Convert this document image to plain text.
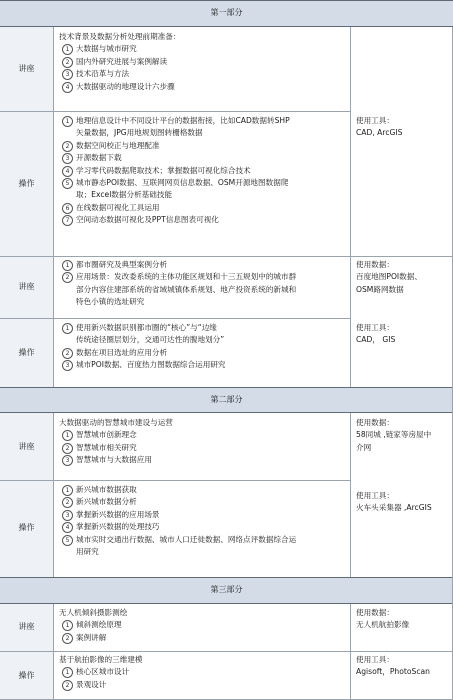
第一部分
第二部分
第三部分
讲座
操作
讲座
操作
讲座
操作
讲座
操作
技术背景及数据分析处理前期准备：
1 大数据与城市研究
2 国内外研究进展与案例解读
3 技术沿革与方法
4 大数据驱动的地理设计六步骤
1 地理信息设计中不同设计平台的数据衔接，比如CAD数据转SHP
矢量数据，JPG用地规划图转栅格数据
2 数据空间校正与地理配准
3 开源数据下载
4 学习零代码数据爬取技术；掌握数据可视化综合技术
5 城市静态POI数据、互联网网页信息数据、OSM开源地图数据爬
取；Excel数据分析基础技能
6 在线数据可视化工具运用
7 空间动态数据可视化及PPT信息图表可视化
使用工具：
CAD, ArcGIS
1 都市圈研究及典型案例分析
2 应用场景：发改委系统的主体功能区规划和十三五规划中的城市群
部分内容住建部系统的省域城镇体系规划、地产投资系统的新城和
特色小镇的选址研究
使用数据：
百度地图POI数据、
OSM路网数据
1 使用新兴数据识别都市圈的“核心”与“边缘
传统途径圈层划分，交通可达性的腹地划分”
2 数据在项目选址的应用分析
3 城市POI数据、百度热力图数据综合运用研究
使用工具：
CAD， GIS
大数据驱动的智慧城市建设与运营
1 智慧城市创新理念
2 智慧城市相关研究
3 智慧城市与大数据应用
使用数据：
58同城 ,链家等房屋中
介网
1 新兴城市数据获取
2 新兴城市数据分析
3 掌握新兴数据的应用场景
4 掌握新兴数据的处理技巧
5 城市实时交通出行数据、城市人口迁徙数据、网络点评数据综合运
用研究
使用工具：
火车头采集器 ,ArcGIS
无人机倾斜摄影测绘
1 倾斜测绘原理
2 案例讲解
使用数据：
无人机航拍影像
基于航拍影像的三维建模
1 核心区城市设计
2 景观设计
使用工具：
Agisoft，PhotoScan
